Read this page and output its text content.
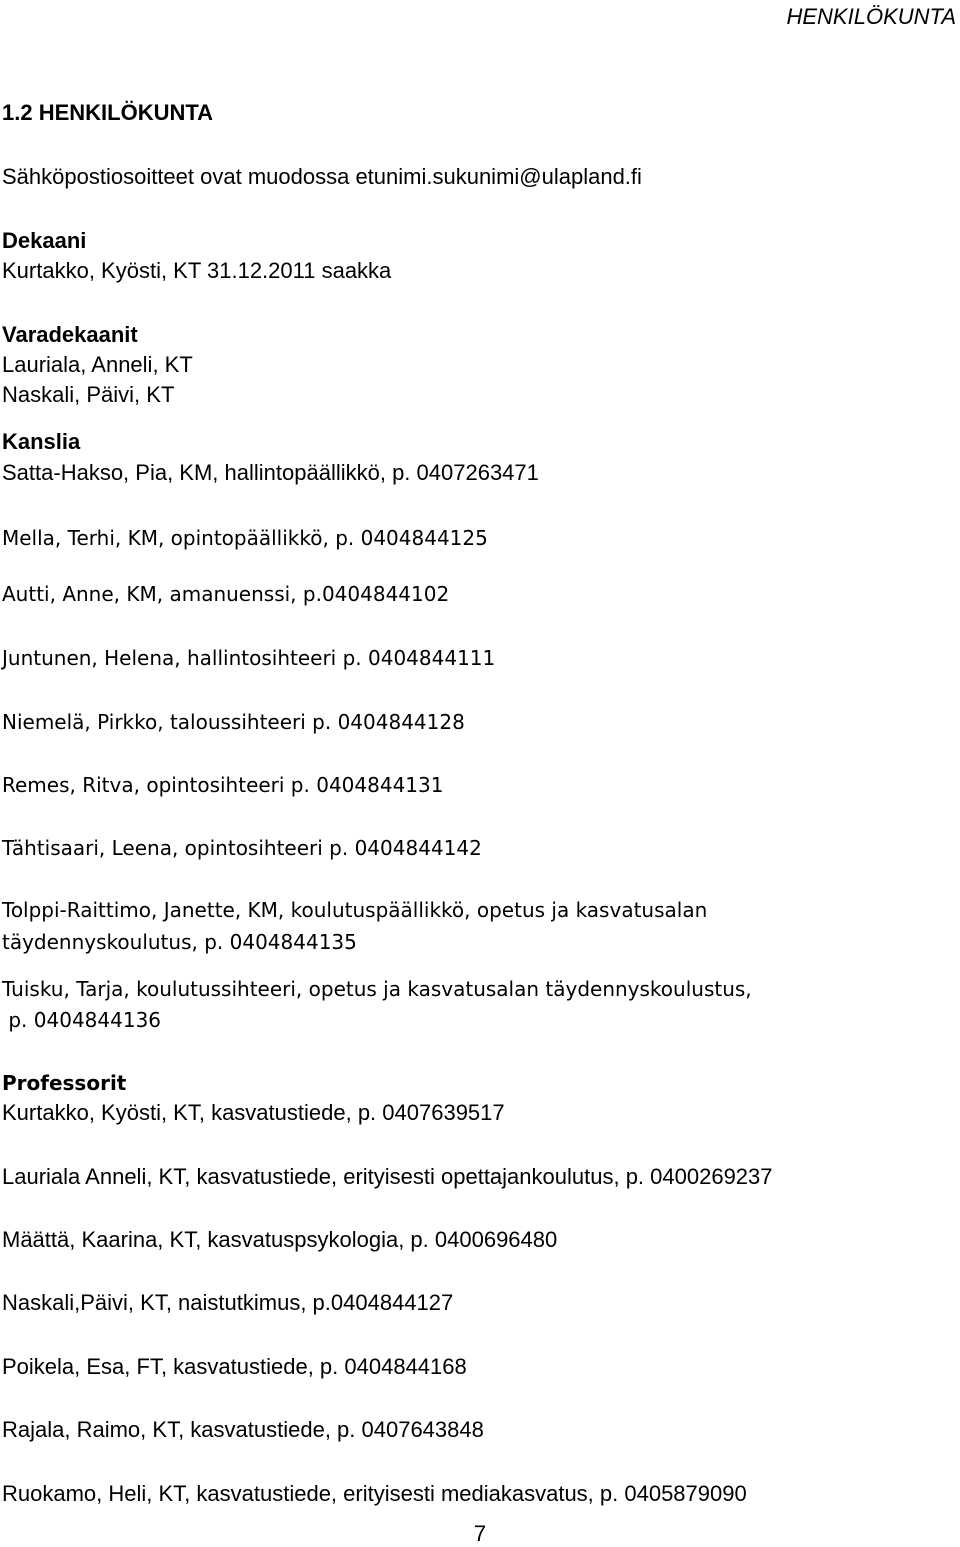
HENKILÖKUNTA

1.2 HENKILÖKUNTA

Sähköpostiosoitteet ovat muodossa etunimi.sukunimi@ulapland.fi

Dekaani

Kurtakko, Kyösti, KT 31.12.2011 saakka

Varadekaanit

Lauriala, Anneli, KT

Naskali, Päivi, KT

Kanslia

Satta-Hakso, Pia, KM, hallintopäällikkö, p. 0407263471

Mella, Terhi, KM, opintopäällikkö, p. 0404844125

Autti, Anne, KM, amanuenssi, p.0404844102

Juntunen, Helena, hallintosihteeri p. 0404844111

Niemelä, Pirkko, taloussihteeri p. 0404844128

Remes, Ritva, opintosihteeri p. 0404844131

Tähtisaari, Leena, opintosihteeri p. 0404844142

Tolppi-Raittimo, Janette, KM, koulutuspäällikkö, opetus ja kasvatusalan

täydennyskoulutus, p. 0404844135

Tuisku, Tarja, koulutussihteeri, opetus ja kasvatusalan täydennyskoulustus,

p. 0404844136

Professorit

Kurtakko, Kyösti, KT, kasvatustiede, p. 0407639517

Lauriala Anneli, KT, kasvatustiede, erityisesti opettajankoulutus, p. 0400269237

Määttä, Kaarina, KT, kasvatuspsykologia, p. 0400696480

Naskali,Päivi, KT, naistutkimus, p.0404844127

Poikela, Esa, FT, kasvatustiede, p. 0404844168

Rajala, Raimo, KT, kasvatustiede, p. 0407643848

Ruokamo, Heli, KT, kasvatustiede, erityisesti mediakasvatus, p. 0405879090

7
